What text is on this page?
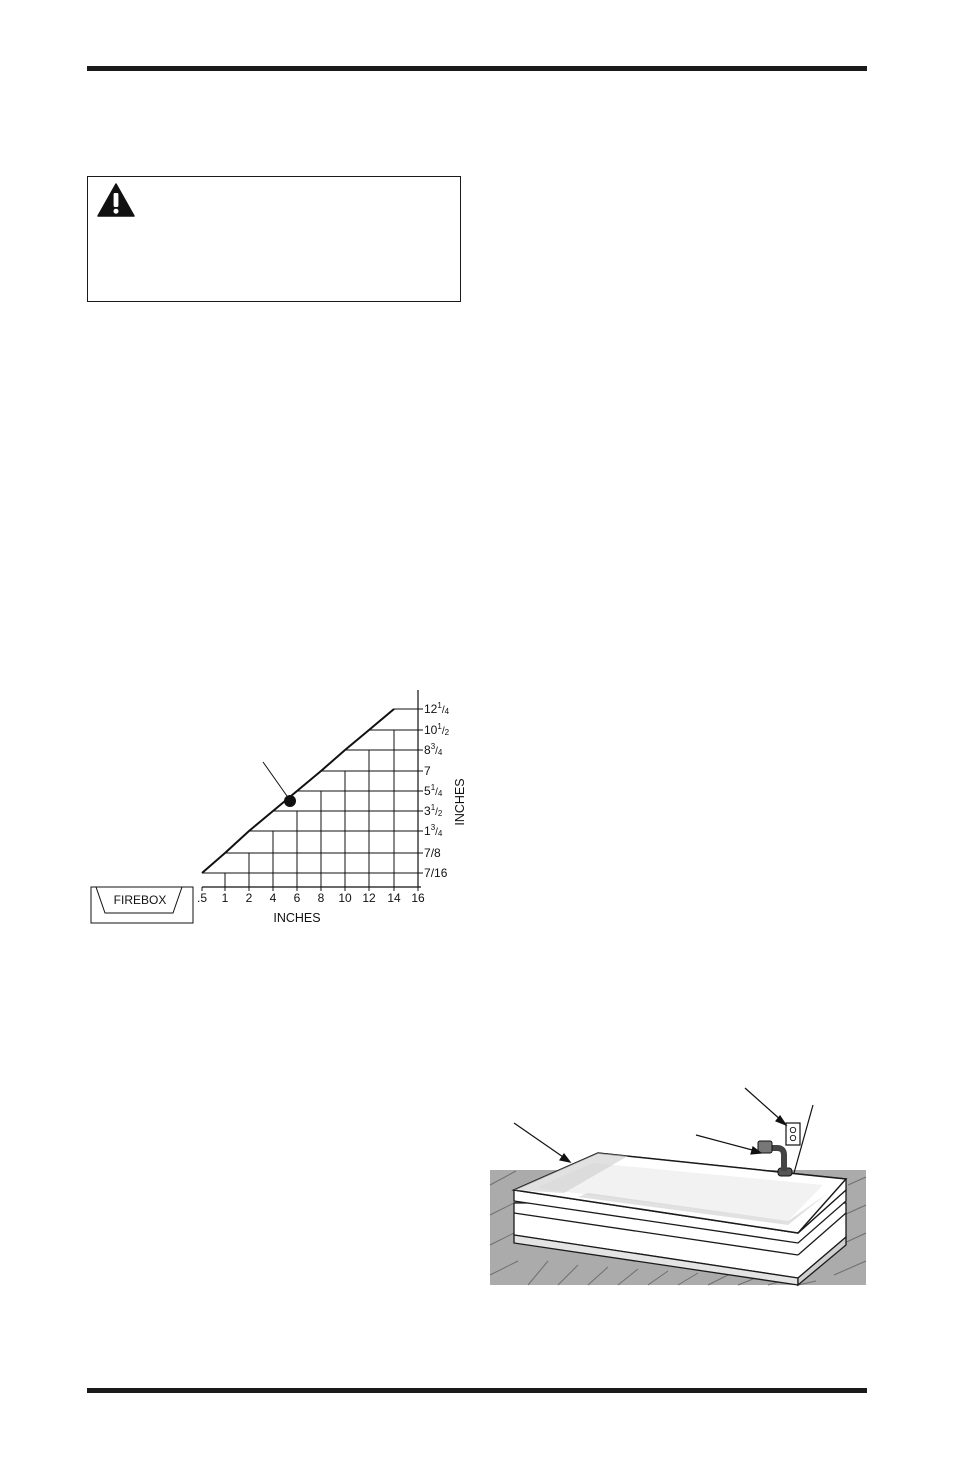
FIREBOX	.5 1 2 4 6 8 10 12 14 16
7/16
7/8
$1^3_/4$
$3^1_/2$
$5^1_/4$
7
$8^3_/4$
$10^1_/2$
$12^1_/4$
INCHES
INCHES
